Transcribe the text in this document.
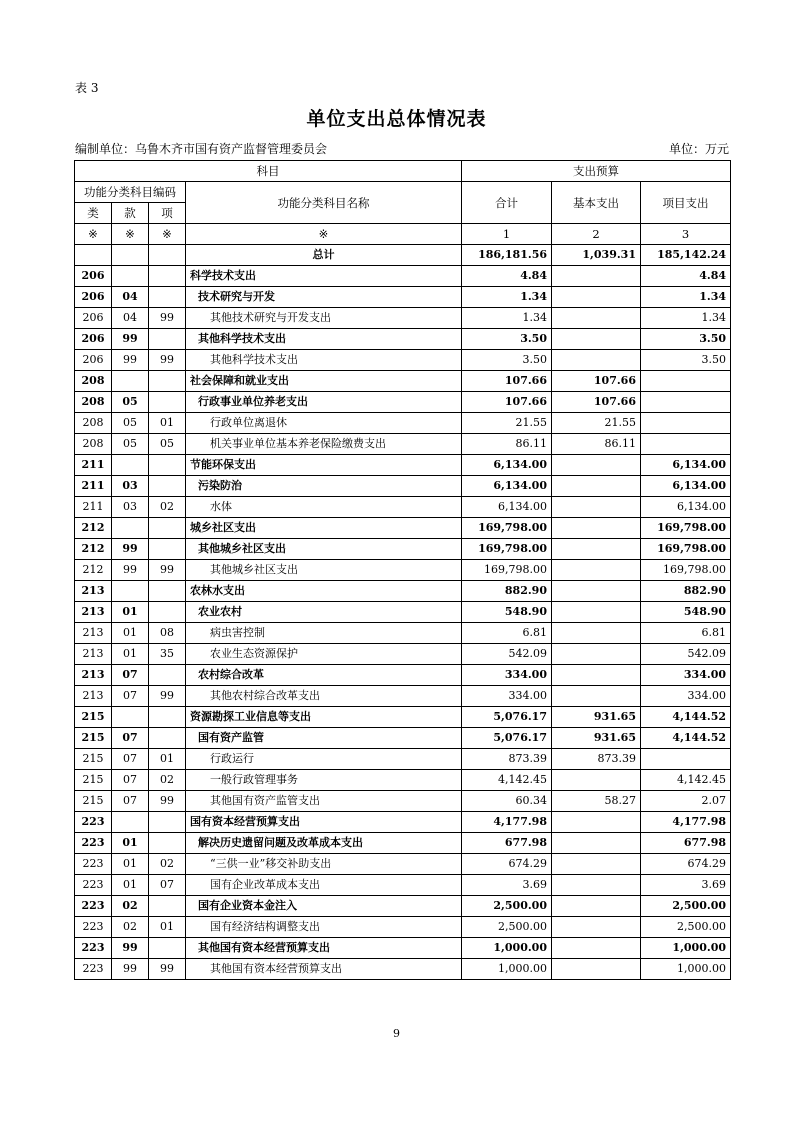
表 3
单位支出总体情况表
编制单位：乌鲁木齐市国有资产监督管理委员会	单位：万元
科目				支出预算		
功能分类科目编码			功能分类科目名称	合计	基本支出	项目支出
类	款	项				
※	※	※	※	1	2	3
			总计	186,181.56	1,039.31	185,142.24
206			科学技术支出	4.84		4.84
206	04		技术研究与开发	1.34		1.34
206	04	99	其他技术研究与开发支出	1.34		1.34
206	99		其他科学技术支出	3.50		3.50
206	99	99	其他科学技术支出	3.50		3.50
208			社会保障和就业支出	107.66	107.66	
208	05		行政事业单位养老支出	107.66	107.66	
208	05	01	行政单位离退休	21.55	21.55	
208	05	05	机关事业单位基本养老保险缴费支出	86.11	86.11	
211			节能环保支出	6,134.00		6,134.00
211	03		污染防治	6,134.00		6,134.00
211	03	02	水体	6,134.00		6,134.00
212			城乡社区支出	169,798.00		169,798.00
212	99		其他城乡社区支出	169,798.00		169,798.00
212	99	99	其他城乡社区支出	169,798.00		169,798.00
213			农林水支出	882.90		882.90
213	01		农业农村	548.90		548.90
213	01	08	病虫害控制	6.81		6.81
213	01	35	农业生态资源保护	542.09		542.09
213	07		农村综合改革	334.00		334.00
213	07	99	其他农村综合改革支出	334.00		334.00
215			资源勘探工业信息等支出	5,076.17	931.65	4,144.52
215	07		国有资产监管	5,076.17	931.65	4,144.52
215	07	01	行政运行	873.39	873.39	
215	07	02	一般行政管理事务	4,142.45		4,142.45
215	07	99	其他国有资产监管支出	60.34	58.27	2.07
223			国有资本经营预算支出	4,177.98		4,177.98
223	01		解决历史遗留问题及改革成本支出	677.98		677.98
223	01	02	“三供一业”移交补助支出	674.29		674.29
223	01	07	国有企业改革成本支出	3.69		3.69
223	02		国有企业资本金注入	2,500.00		2,500.00
223	02	01	国有经济结构调整支出	2,500.00		2,500.00
223	99		其他国有资本经营预算支出	1,000.00		1,000.00
223	99	99	其他国有资本经营预算支出	1,000.00		1,000.00
9
